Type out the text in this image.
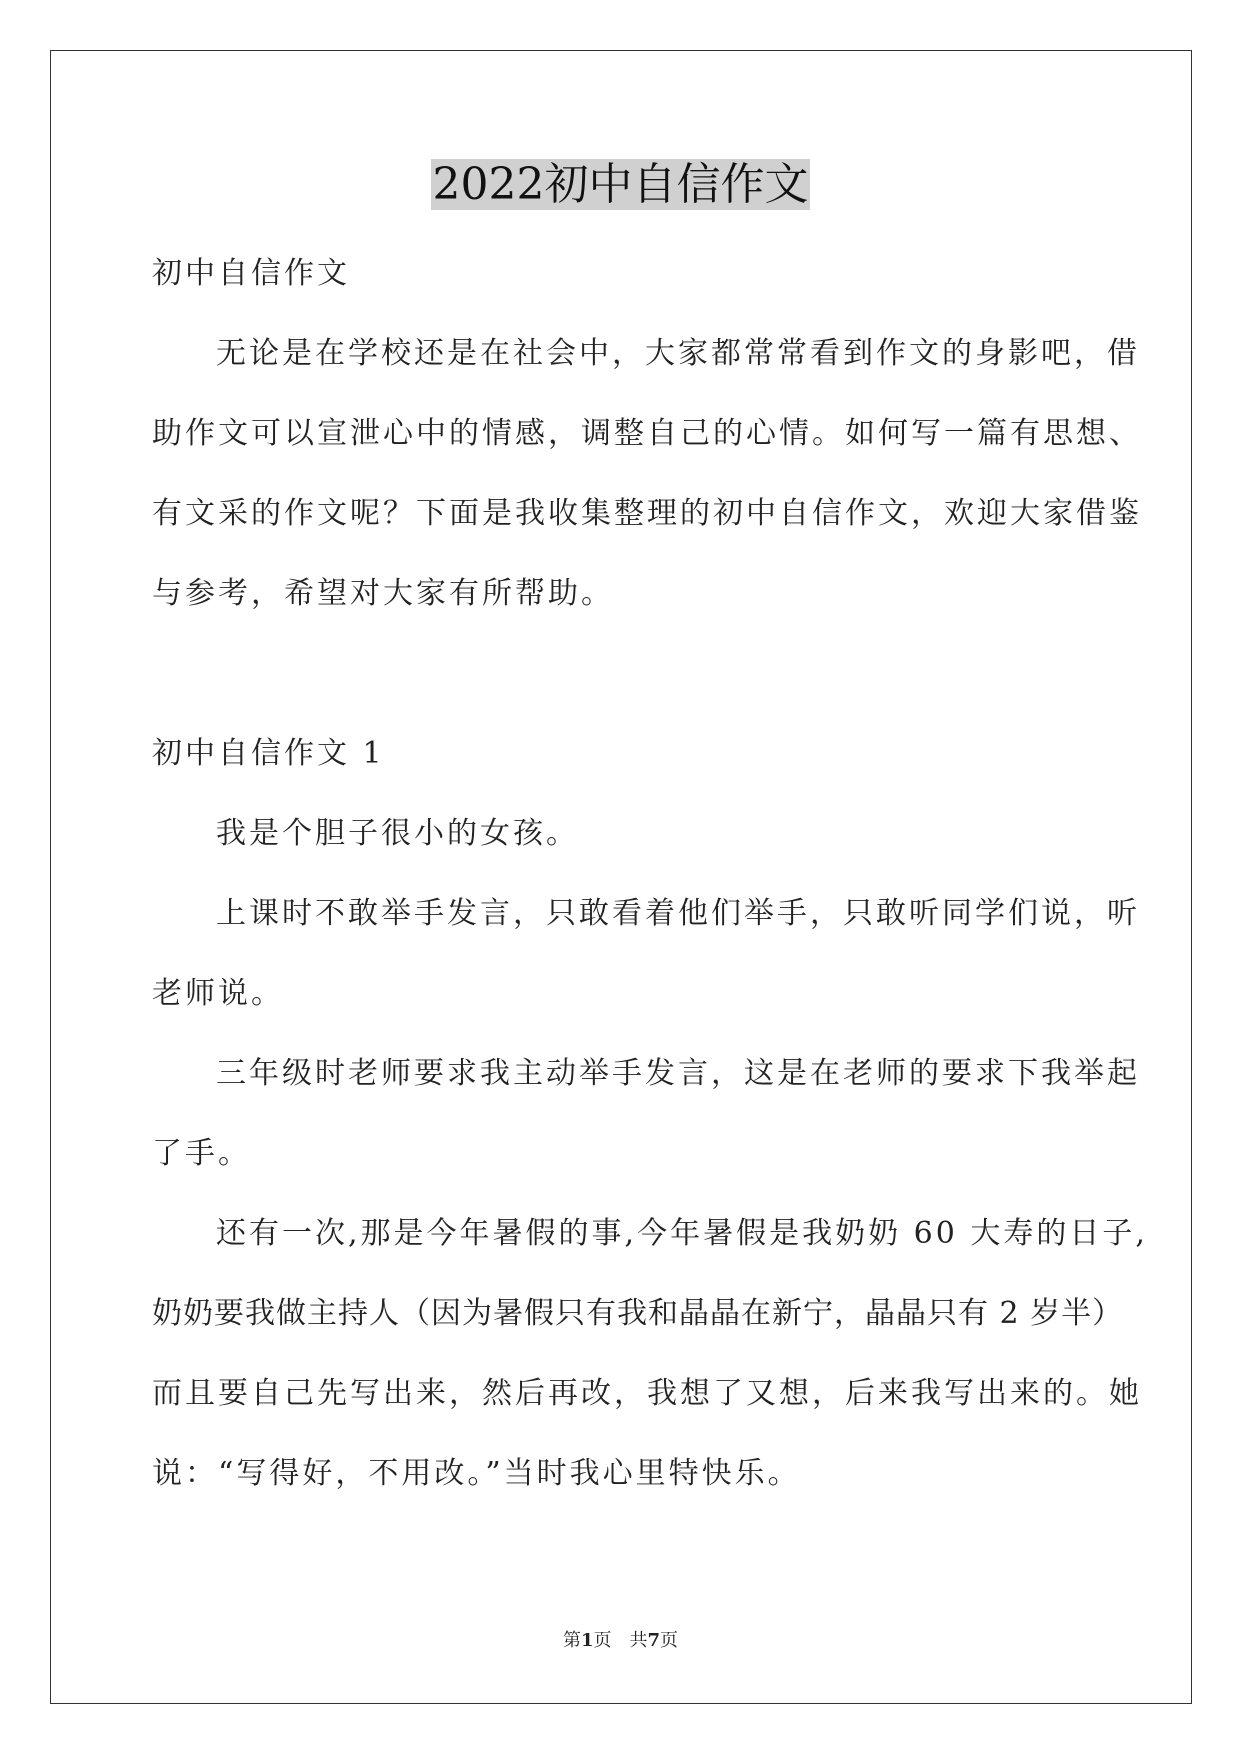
2022初中自信作文
初中自信作文
无论是在学校还是在社会中，大家都常常看到作文的身影吧，借
助作文可以宣泄心中的情感，调整自己的心情。如何写一篇有思想、
有文采的作文呢？下面是我收集整理的初中自信作文，欢迎大家借鉴
与参考，希望对大家有所帮助。
初中自信作文 1
我是个胆子很小的女孩。
上课时不敢举手发言，只敢看着他们举手，只敢听同学们说，听
老师说。
三年级时老师要求我主动举手发言，这是在老师的要求下我举起
了手。
还有一次,那是今年暑假的事,今年暑假是我奶奶 60 大寿的日子,
奶奶要我做主持人（因为暑假只有我和晶晶在新宁，晶晶只有 2 岁半）
而且要自己先写出来，然后再改，我想了又想，后来我写出来的。她
说：“写得好，不用改。”当时我心里特快乐。
第1页　共7页
